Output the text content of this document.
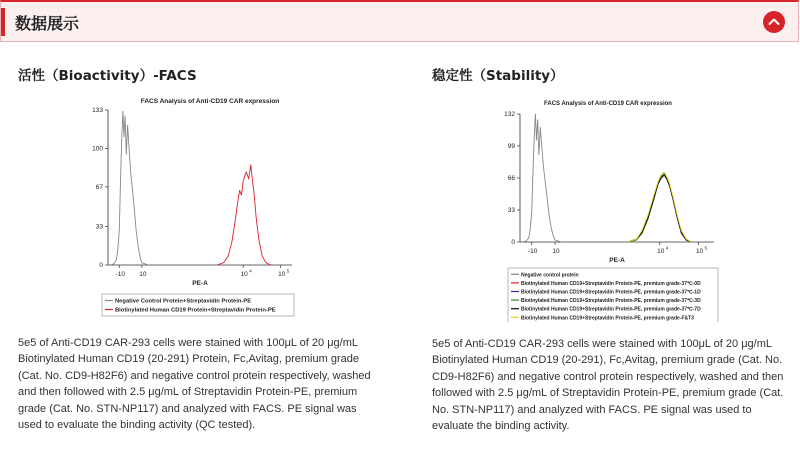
数据展示
活性（Bioactivity）-FACS	稳定性（Stability）
FACS Analysis of Anti-CD19 CAR expression
0
33
67
100
133
-10 10	10 4	10 5
PE-A
Negative Control Protein+Streptavidin Protein-PE
Biotinylated Human CD19 Protein+Streptavidin Protein-PE
FACS Analysis of Anti-CD19 CAR expression
0
33
66
99
132
-10 10	10 4	10 5
PE-A
Negative control protein
Biotinylated Human CD19+Streptavidin Protein-PE, premium grade-37℃-0D
Biotinylated Human CD19+Streptavidin Protein-PE, premium grade-37℃-1D
Biotinylated Human CD19+Streptavidin Protein-PE, premium grade-37℃-3D
Biotinylated Human CD19+Streptavidin Protein-PE, premium grade-37℃-7D
Biotinylated Human CD19+Streptavidin Protein-PE, premium grade-F&T3
5e5 of Anti-CD19 CAR-293 cells were stained with 100μL of 20 μg/mL Biotinylated Human CD19 (20-291) Protein, Fc,Avitag, premium grade (Cat. No. CD9-H82F6) and negative control protein respectively, washed and then followed with 2.5 μg/mL of Streptavidin Protein-PE, premium grade (Cat. No. STN-NP117) and analyzed with FACS. PE signal was used to evaluate the binding activity (QC tested).
5e5 of Anti-CD19 CAR-293 cells were stained with 100μL of 20 μg/mL Biotinylated Human CD19 (20-291), Fc,Avitag, premium grade (Cat. No. CD9-H82F6) and negative control protein respectively, washed and then followed with 2.5 μg/mL of Streptavidin Protein-PE, premium grade (Cat. No. STN-NP117) and analyzed with FACS. PE signal was used to evaluate the binding activity.
